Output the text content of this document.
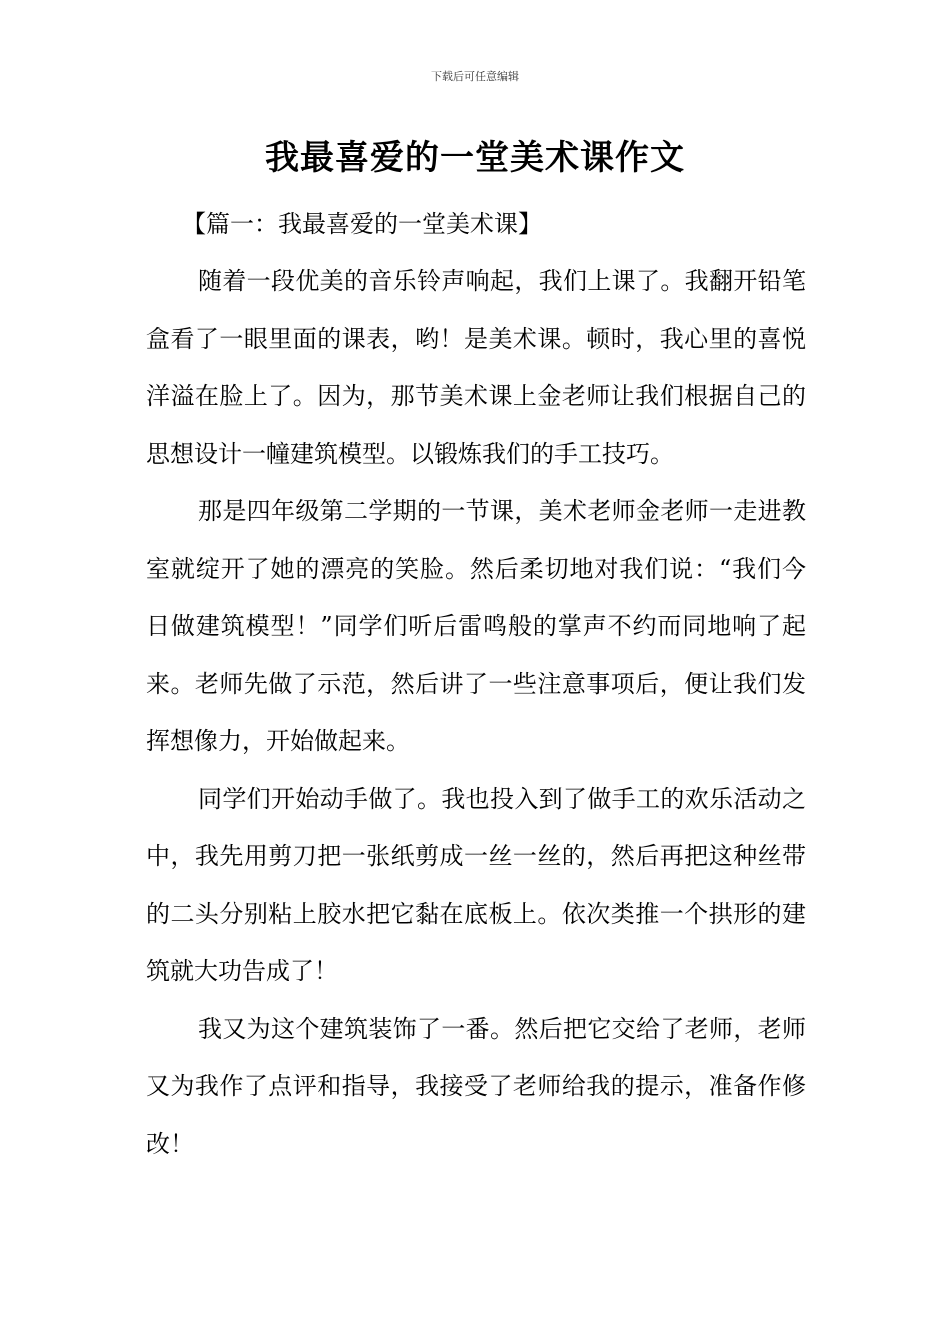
下载后可任意编辑
我最喜爱的一堂美术课作文

【篇一：我最喜爱的一堂美术课】

随着一段优美的音乐铃声响起，我们上课了。我翻开铅笔盒看了一眼里面的课表，哟！是美术课。顿时，我心里的喜悦洋溢在脸上了。因为，那节美术课上金老师让我们根据自己的思想设计一幢建筑模型。以锻炼我们的手工技巧。

那是四年级第二学期的一节课，美术老师金老师一走进教室就绽开了她的漂亮的笑脸。然后柔切地对我们说：“我们今日做建筑模型！”同学们听后雷鸣般的掌声不约而同地响了起来。老师先做了示范，然后讲了一些注意事项后，便让我们发挥想像力，开始做起来。

同学们开始动手做了。我也投入到了做手工的欢乐活动之中，我先用剪刀把一张纸剪成一丝一丝的，然后再把这种丝带的二头分别粘上胶水把它黏在底板上。依次类推一个拱形的建筑就大功告成了！

我又为这个建筑装饰了一番。然后把它交给了老师，老师又为我作了点评和指导，我接受了老师给我的提示，准备作修改！
